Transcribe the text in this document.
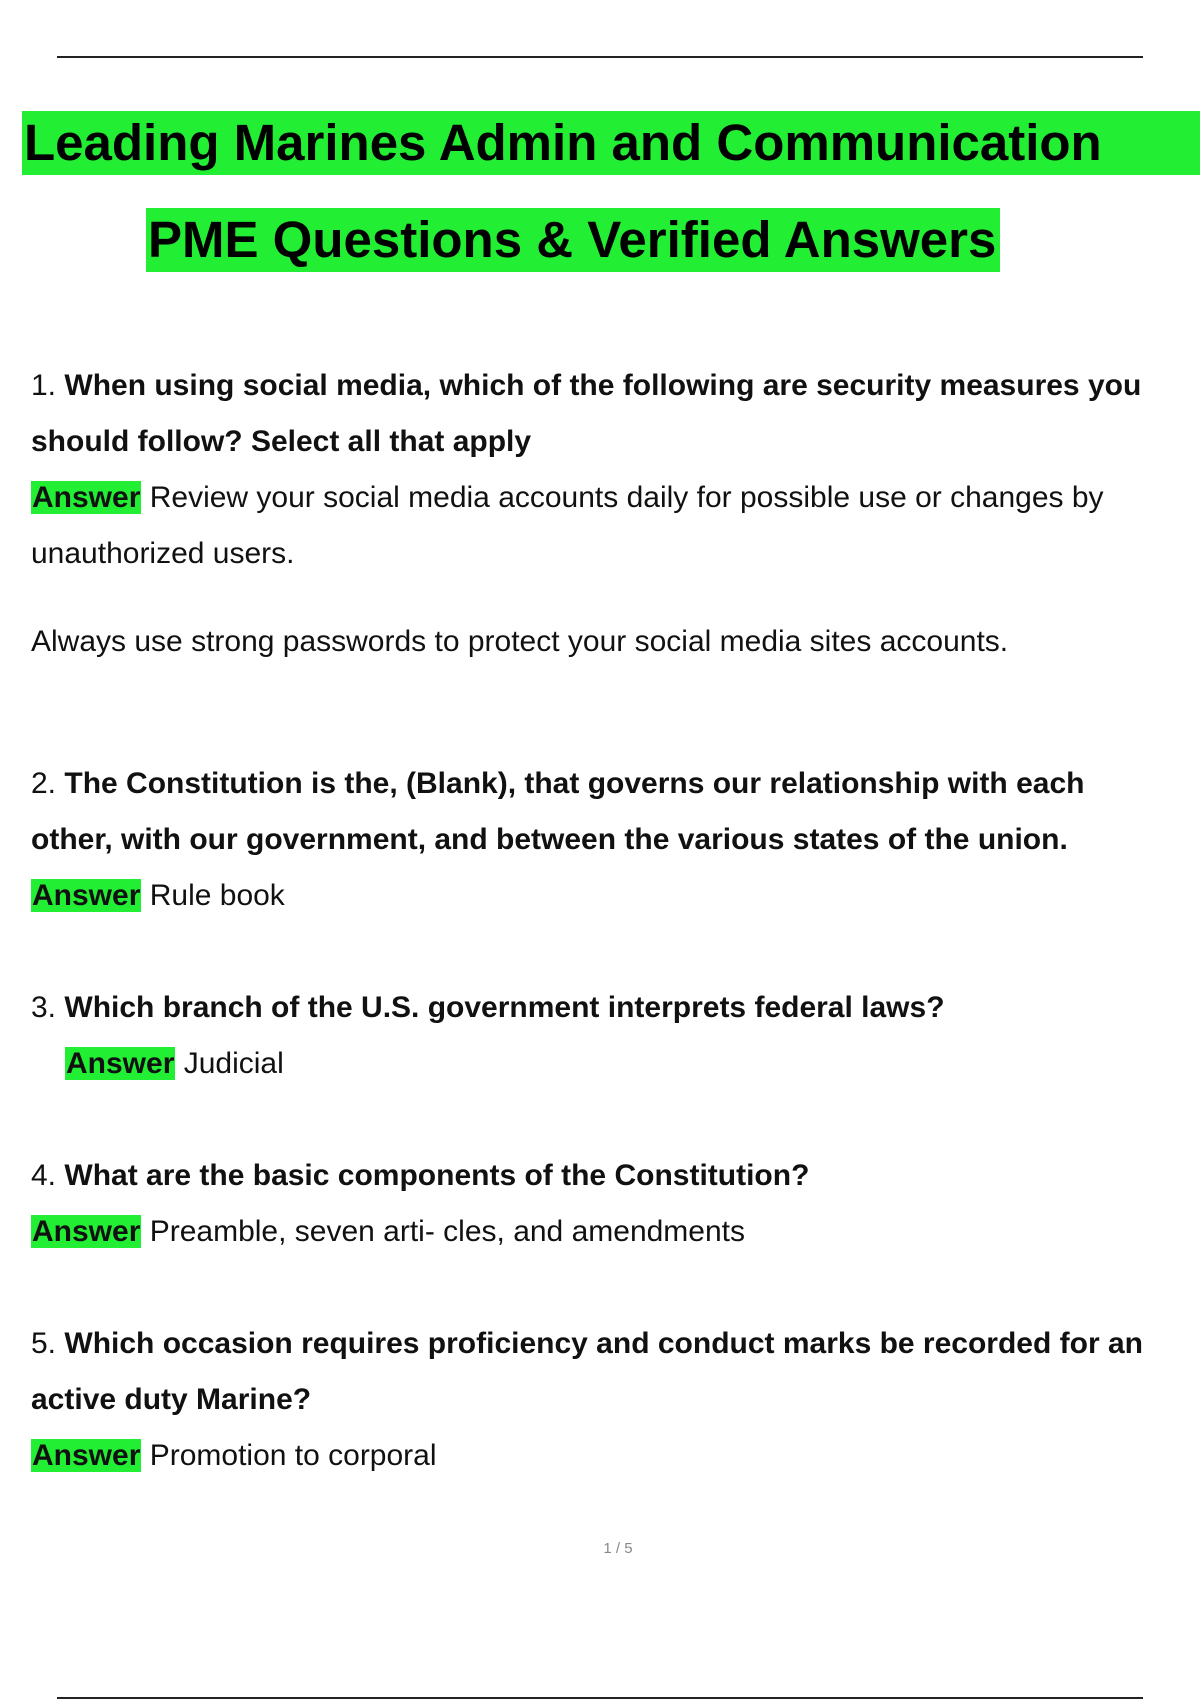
Leading Marines Admin and Communication
PME Questions & Verified Answers
1. When using social media, which of the following are security measures you
should follow? Select all that apply
Answer Review your social media accounts daily for possible use or changes by
unauthorized users.
Always use strong passwords to protect your social media sites accounts.
2. The Constitution is the, (Blank), that governs our relationship with each
other, with our government, and between the various states of the union.
Answer Rule book
3. Which branch of the U.S. government interprets federal laws?
Answer Judicial
4. What are the basic components of the Constitution?
Answer Preamble, seven arti- cles, and amendments
5. Which occasion requires proficiency and conduct marks be recorded for an
active duty Marine?
Answer Promotion to corporal
1 / 5
